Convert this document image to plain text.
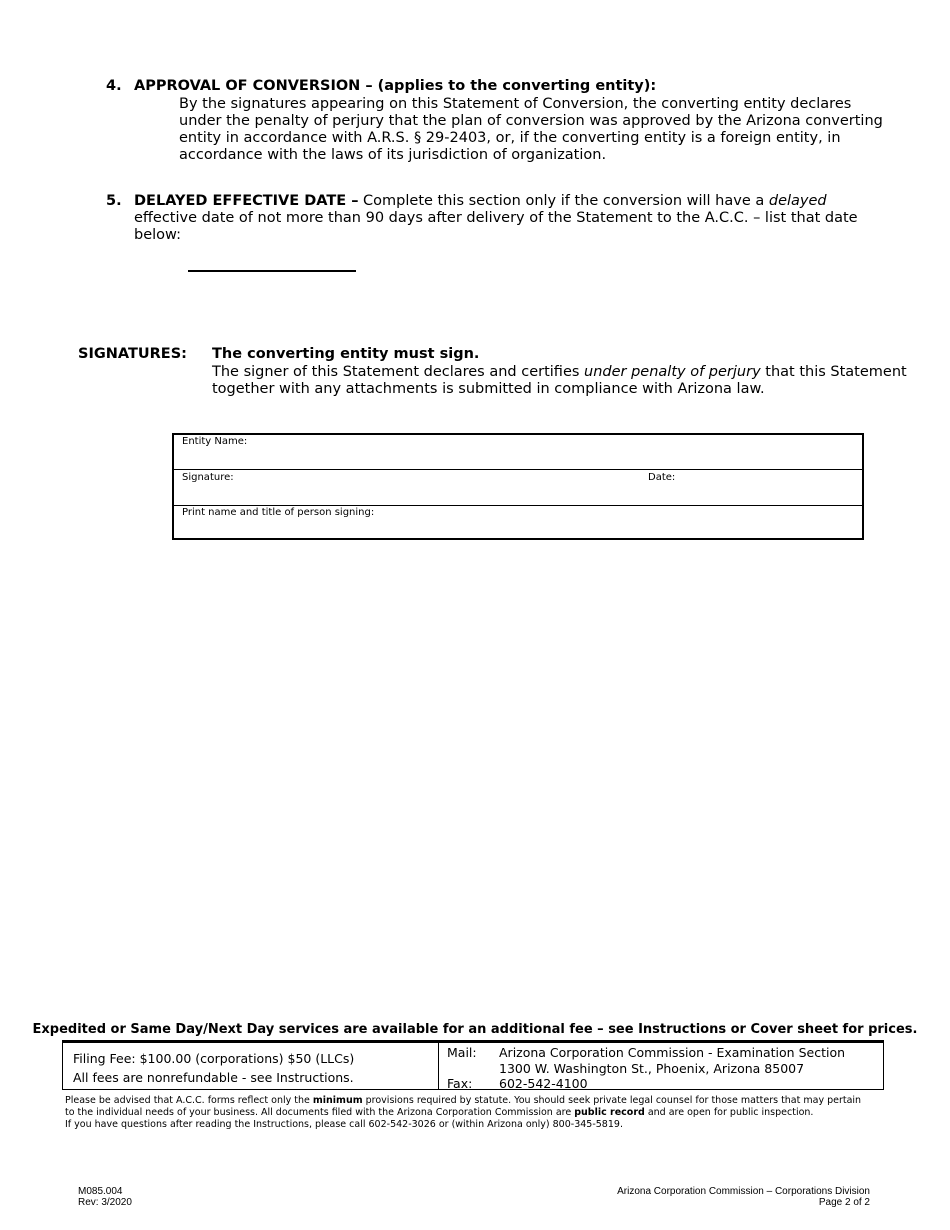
4. APPROVAL OF CONVERSION – (applies to the converting entity):
By the signatures appearing on this Statement of Conversion, the converting entity declares
under the penalty of perjury that the plan of conversion was approved by the Arizona converting
entity in accordance with A.R.S. § 29-2403, or, if the converting entity is a foreign entity, in
accordance with the laws of its jurisdiction of organization.
5. DELAYED EFFECTIVE DATE – Complete this section only if the conversion will have a delayed
effective date of not more than 90 days after delivery of the Statement to the A.C.C. – list that date
below:
SIGNATURES: The converting entity must sign.
The signer of this Statement declares and certifies under penalty of perjury that this Statement
together with any attachments is submitted in compliance with Arizona law.
Entity Name:
Signature:	Date:
Print name and title of person signing:
Expedited or Same Day/Next Day services are available for an additional fee – see Instructions or Cover sheet for prices.
Filing Fee: $100.00 (corporations) $50 (LLCs)
All fees are nonrefundable - see Instructions.
Mail: Arizona Corporation Commission - Examination Section
1300 W. Washington St., Phoenix, Arizona 85007
Fax: 602-542-4100
Please be advised that A.C.C. forms reflect only the minimum provisions required by statute. You should seek private legal counsel for those matters that may pertain
to the individual needs of your business. All documents filed with the Arizona Corporation Commission are public record and are open for public inspection.
If you have questions after reading the Instructions, please call 602-542-3026 or (within Arizona only) 800-345-5819.
M085.004
Rev: 3/2020
Arizona Corporation Commission – Corporations Division
Page 2 of 2
